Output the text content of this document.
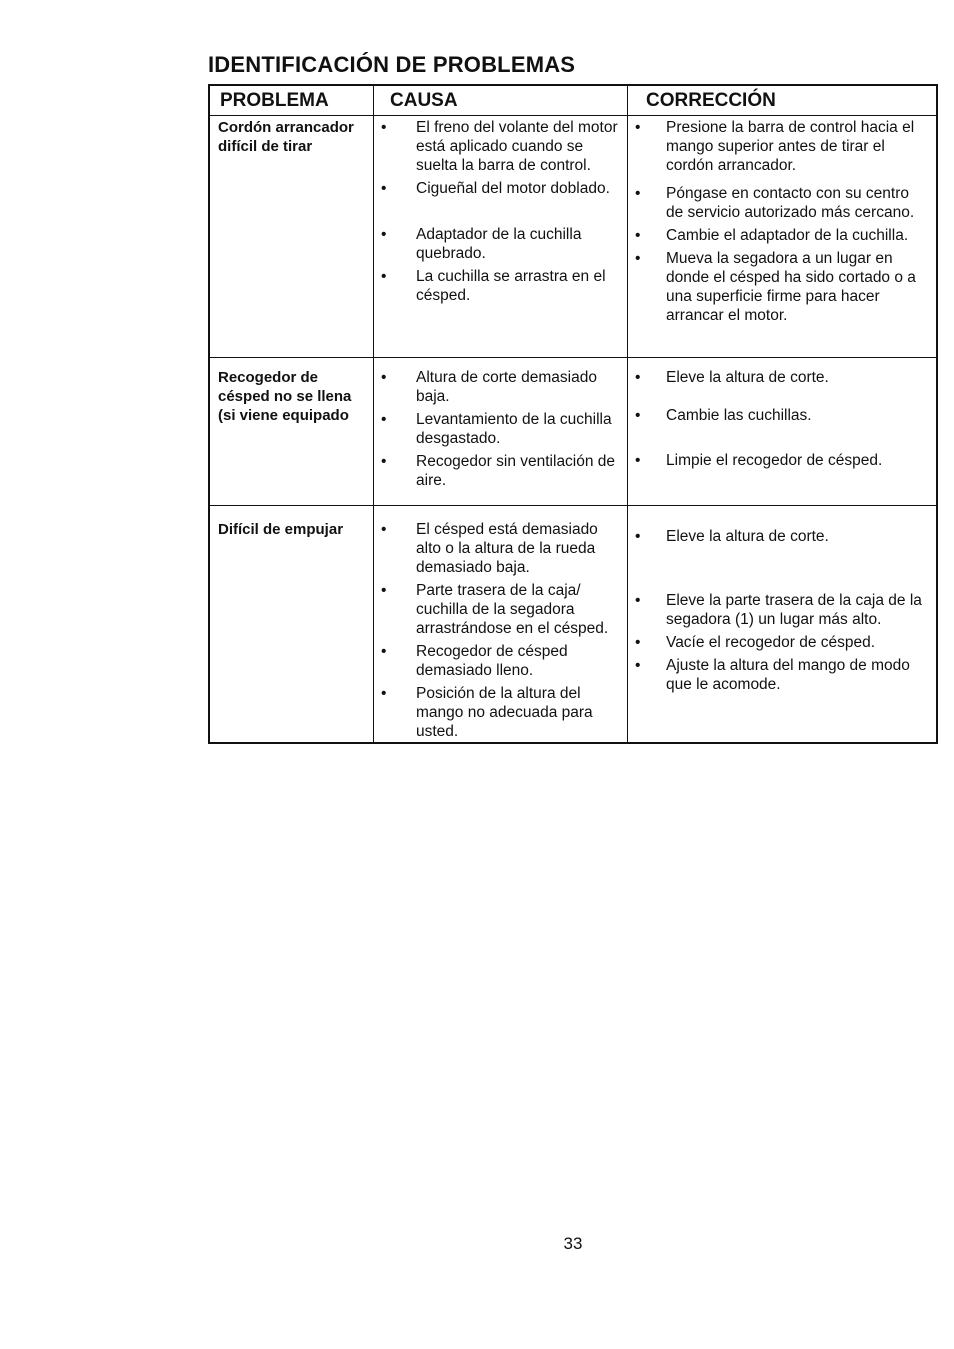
IDENTIFICACIÓN DE PROBLEMAS
PROBLEMA	CAUSA	CORRECCIÓN
Cordón arrancador difícil de tirar
• El freno del volante del motor está aplicado cuando se suelta la barra de control.
• Cigueñal del motor doblado.
• Adaptador de la cuchilla quebrado.
• La cuchilla se arrastra en el césped.
• Presione la barra de control hacia el mango superior antes de tirar el cordón arrancador.
• Póngase en contacto con su centro de servicio autorizado más cercano.
• Cambie el adaptador de la cuchilla.
• Mueva la segadora a un lugar en donde el césped ha sido cortado o a una superficie firme para hacer arrancar el motor.
Recogedor de césped no se llena (si viene equipado
• Altura de corte demasiado baja.
• Levantamiento de la cuchilla desgastado.
• Recogedor sin ventilación de aire.
• Eleve la altura de corte.
• Cambie las cuchillas.
• Limpie el recogedor de césped.
Difícil de empujar
•	El césped está demasiado alto o la altura de la rueda demasiado baja.
• Parte trasera de la caja/ cuchilla de la segadora arrastrándose en el césped.
• Recogedor de césped demasiado lleno.
• Posición de la altura del mango no adecuada para usted.
• Eleve la altura de corte.
• Eleve la parte trasera de la caja de la segadora (1) un lugar más alto.
• Vacíe el recogedor de césped.
• Ajuste la altura del mango de modo que le acomode.
33
